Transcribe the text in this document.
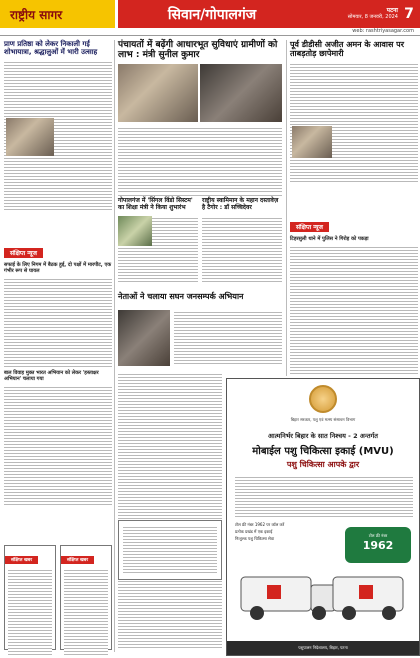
राष्ट्रीय सागर	सिवान/गोपालगंज	पटना
सोमवार, 8 जनवरी, 2024 7
web: rashtriyasagar.com
प्राण प्रतिष्ठा को लेकर निकाली गई शोभायात्रा, श्रद्धालुओं में भारी उत्साह
संक्षिप्त न्यूज
सफाई के लिए निगम में बैठक हुई, दो पक्षों में मारपीट, एक गंभीर रूप से घायल
बाल विवाह मुक्त भारत अभियान को लेकर 'हस्ताक्षर अभियान' चलाया गया
संक्षिप्त खबर	संक्षिप्त खबर
पंचायतों में बढ़ेंगी आधारभूत सुविधाएं ग्रामीणों को लाभ : मंत्री सुनील कुमार
गोपालगंज में 'सिंगल विंडो सिस्टम' का शिक्षा मंत्री ने किया शुभारंभ
राष्ट्रीय स्वामिमान के महान दस्तावेज़ है टैगोर : डॉ सच्चिदेवर
नेताओं ने चलाया सघन जनसम्पर्क अभियान
पूर्व डीडीसी अजीत अमन के आवास पर ताबड़तोड़ छापेमारी
संक्षिप्त न्यूज
टिहरसुली थाने में पुलिस ने गिरोह को पकड़ा
बिहार सरकार, पशु एवं मत्स्य संसाधन विभाग
आत्मनिर्भर बिहार के सात निश्चय - 2 अन्तर्गत
मोबाईल पशु चिकित्सा इकाई (MVU)
पशु चिकित्सा आपके द्वार
टोल फ्री नंबर 1962 पर कॉल करें
प्रत्येक प्रखंड में एक इकाई
निःशुल्क पशु चिकित्सा सेवा
टोल फ्री नंबर
1962
पशुपालन निदेशालय, बिहार, पटना
